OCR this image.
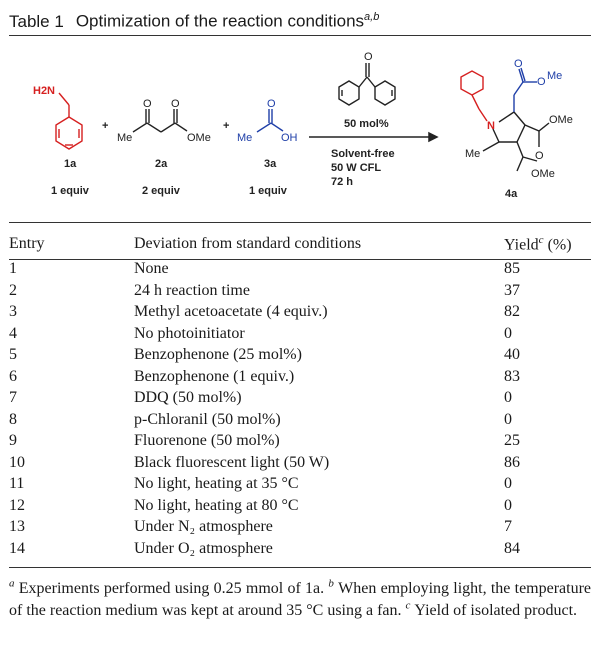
Table 1 Optimization of the reaction conditions$^{a,b}$
H2N
1a
1 equiv
+
O O
Me	OMe
2a
2 equiv
+
O
Me	OH
3a
1 equiv
O
50 mol%
Solvent-free
50 W CFL
72 h
O
O
Me
OMe
N
O
Me
OMe
4a
Entry	Deviation from standard conditions	Yield$^c$ (%)
1	None	85
2	24 h reaction time	37
3	Methyl acetoacetate (4 equiv.)	82
4	No photoinitiator	0
5	Benzophenone (25 mol%)	40
6	Benzophenone (1 equiv.)	83
7	DDQ (50 mol%)	0
8	p-Chloranil (50 mol%)	0
9	Fluorenone (50 mol%)	25
10	Black fluorescent light (50 W)	86
11	No light, heating at 35 °C	0
12	No light, heating at 80 °C	0
13	Under N₂ atmosphere	7
14	Under O₂ atmosphere	84
$^a$ Experiments performed using 0.25 mmol of 1a. $^b$ When employing light, the temperature of the reaction medium was kept at around 35 °C using a fan. $^c$ Yield of isolated product.
